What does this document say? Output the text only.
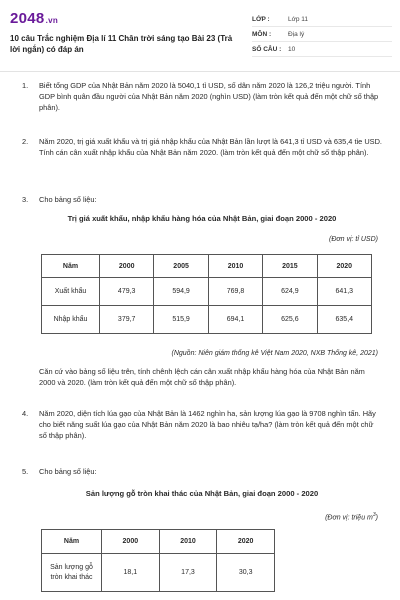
2048.vn
10 câu Trắc nghiệm Địa lí 11 Chân trời sáng tạo Bài 23 (Trả lời ngắn) có đáp án
LỚP :	Lớp 11
MÔN :	Địa lý
SỐ CÂU :	10
1.	Biết tổng GDP của Nhật Bản năm 2020 là 5040,1 tỉ USD, số dân năm 2020 là 126,2 triệu người. Tính GDP bình quân đầu người của Nhật Bản năm 2020 (nghìn USD) (làm tròn kết quả đến một chữ số thập phân).
2.	Năm 2020, trị giá xuất khẩu và trị giá nhập khẩu của Nhật Bản lần lượt là 641,3 tỉ USD và 635,4 tỉe USD. Tính cán cân xuất nhập khẩu của Nhật Bản năm 2020. (làm tròn kết quả đến một chữ số thập phân).
3.	Cho bảng số liệu:
Trị giá xuất khẩu, nhập khẩu hàng hóa của Nhật Bản, giai đoạn 2000 - 2020
(Đơn vị: tỉ USD)
Năm	2000	2005	2010	2015	2020
Xuất khẩu	479,3	594,9	769,8	624,9	641,3
Nhập khẩu	379,7	515,9	694,1	625,6	635,4
(Nguồn: Niên giám thống kê Việt Nam 2020, NXB Thống kê, 2021)
Căn cứ vào bảng số liệu trên, tính chênh lệch cán cân xuất nhập khẩu hàng hóa của Nhật Bản năm 2000 và 2020. (làm tròn kết quả đến một chữ số thập phân).
4.	Năm 2020, diện tích lúa gạo của Nhật Bản là 1462 nghìn ha, sản lượng lúa gạo là 9708 nghìn tấn. Hãy cho biết năng suất lúa gạo của Nhật Bản năm 2020 là bao nhiêu tạ/ha? (làm tròn kết quả đến một chữ số thập phân).
5.	Cho bảng số liệu:
Sản lượng gỗ tròn khai thác của Nhật Bản, giai đoạn 2000 - 2020
(Đơn vị: triệu $m^3$)
Năm	2000	2010	2020
Sản lượng gỗ tròn khai thác	18,1	17,3	30,3
